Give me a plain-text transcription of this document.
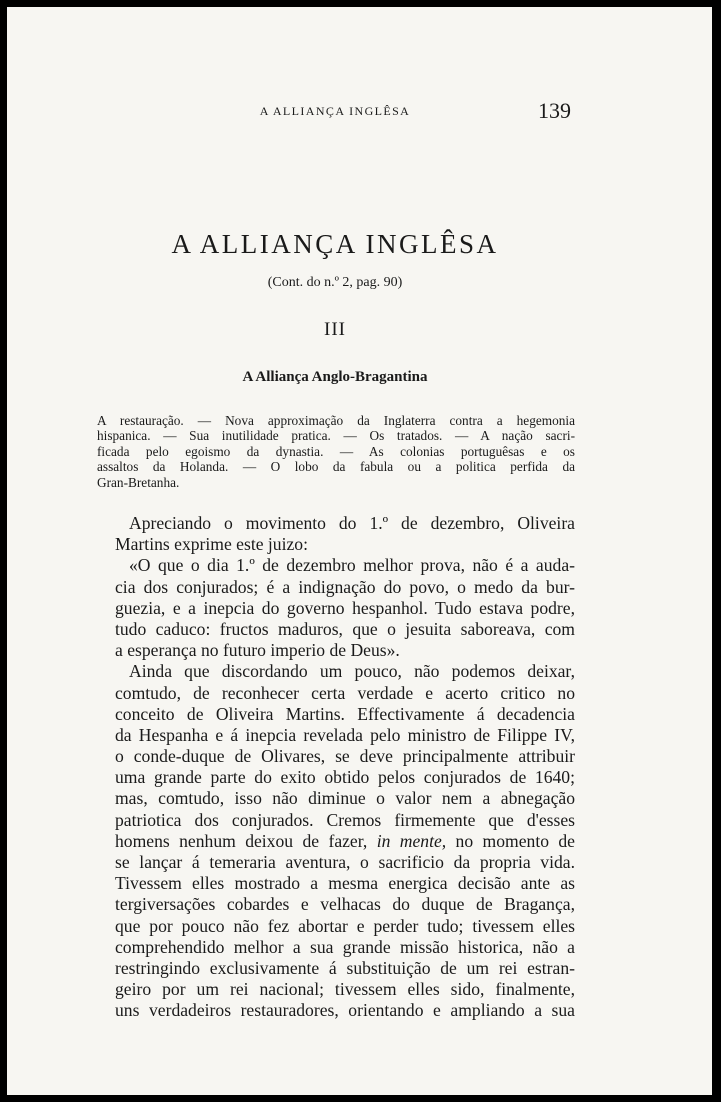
A ALLIANÇA INGLÊSA	139
A ALLIANÇA INGLÊSA
(Cont. do n.º 2, pag. 90)
III
A Alliança Anglo-Bragantina
A restauração. — Nova approximação da Inglaterra contra a hegemonia
hispanica. — Sua inutilidade pratica. — Os tratados. — A nação sacri-
ficada pelo egoismo da dynastia. — As colonias portuguêsas e os
assaltos da Holanda. — O lobo da fabula ou a politica perfida da
Gran-Bretanha.
Apreciando o movimento do 1.º de dezembro, Oliveira
Martins exprime este juizo:
«O que o dia 1.º de dezembro melhor prova, não é a auda-
cia dos conjurados; é a indignação do povo, o medo da bur-
guezia, e a inepcia do governo hespanhol. Tudo estava podre,
tudo caduco: fructos maduros, que o jesuita saboreava, com
a esperança no futuro imperio de Deus».
Ainda que discordando um pouco, não podemos deixar,
comtudo, de reconhecer certa verdade e acerto critico no
conceito de Oliveira Martins. Effectivamente á decadencia
da Hespanha e á inepcia revelada pelo ministro de Filippe IV,
o conde-duque de Olivares, se deve principalmente attribuir
uma grande parte do exito obtido pelos conjurados de 1640;
mas, comtudo, isso não diminue o valor nem a abnegação
patriotica dos conjurados. Cremos firmemente que d'esses
homens nenhum deixou de fazer, in mente, no momento de
se lançar á temeraria aventura, o sacrificio da propria vida.
Tivessem elles mostrado a mesma energica decisão ante as
tergiversações cobardes e velhacas do duque de Bragança,
que por pouco não fez abortar e perder tudo; tivessem elles
comprehendido melhor a sua grande missão historica, não a
restringindo exclusivamente á substituição de um rei estran-
geiro por um rei nacional; tivessem elles sido, finalmente,
uns verdadeiros restauradores, orientando e ampliando a sua
